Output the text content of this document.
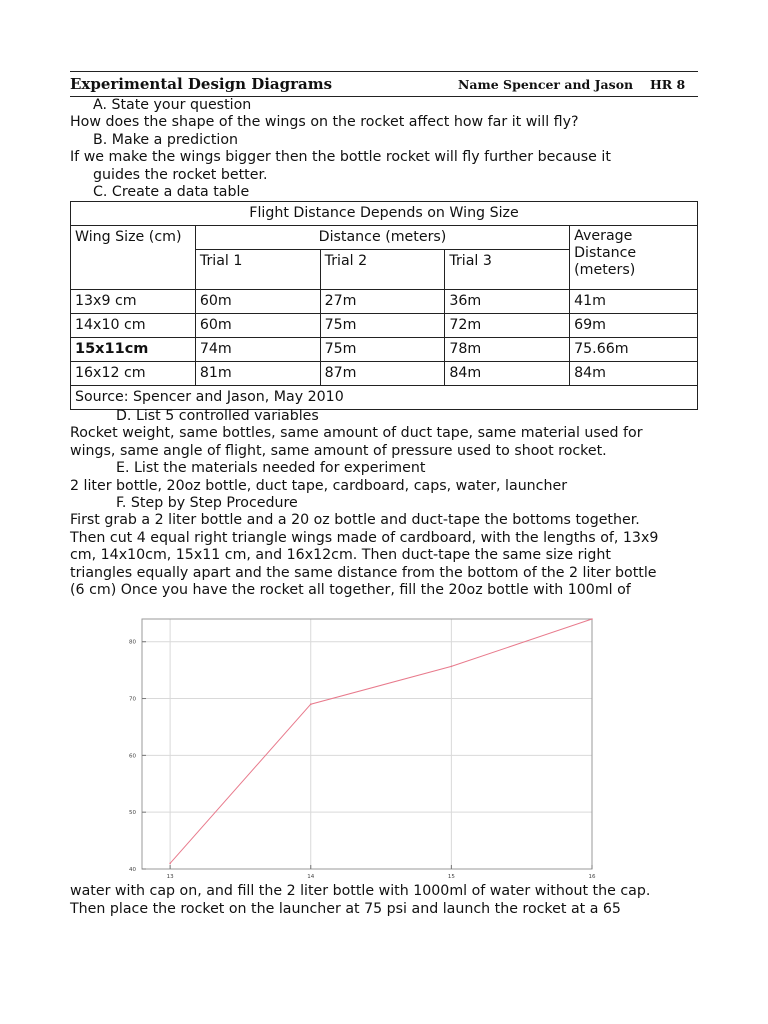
Experimental Design Diagrams	Name Spencer and Jason HR 8
A. State your question
How does the shape of the wings on the rocket affect how far it will fly?
B. Make a prediction
If we make the wings bigger then the bottle rocket will fly further because it
guides the rocket better.
C. Create a data table
Flight Distance Depends on Wing Size				
Wing Size (cm)	Distance (meters)			Average
Distance
(meters)

	Trial 1	Trial 2	Trial 3	
13x9 cm	60m	27m	36m	41m
14x10 cm	60m	75m	72m	69m
15x11cm	74m	75m	78m	75.66m
16x12 cm	81m	87m	84m	84m
Source: Spencer and Jason, May 2010				
D. List 5 controlled variables
Rocket weight, same bottles, same amount of duct tape, same material used for
wings, same angle of flight, same amount of pressure used to shoot rocket.
E. List the materials needed for experiment
2 liter bottle, 20oz bottle, duct tape, cardboard, caps, water, launcher
F. Step by Step Procedure
First grab a 2 liter bottle and a 20 oz bottle and duct-tape the bottoms together.
Then cut 4 equal right triangle wings made of cardboard, with the lengths of, 13x9
cm, 14x10cm, 15x11 cm, and 16x12cm. Then duct-tape the same size right
triangles equally apart and the same distance from the bottom of the 2 liter bottle
(6 cm) Once you have the rocket all together, fill the 20oz bottle with 100ml of
13	14	15	16
40
50
60
70
80
water with cap on, and fill the 2 liter bottle with 1000ml of water without the cap.
Then place the rocket on the launcher at 75 psi and launch the rocket at a 65
